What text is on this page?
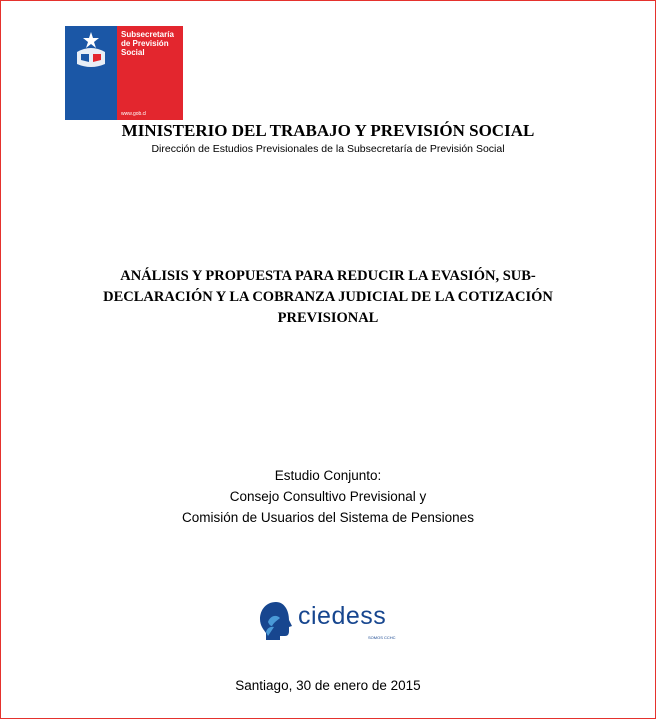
Subsecretaría
de Previsión
Social
www.gob.cl
MINISTERIO DEL TRABAJO Y PREVISIÓN SOCIAL
Dirección de Estudios Previsionales de la Subsecretaría de Previsión Social
ANÁLISIS Y PROPUESTA PARA REDUCIR LA EVASIÓN, SUB-
DECLARACIÓN Y LA COBRANZA JUDICIAL DE LA COTIZACIÓN
PREVISIONAL
Estudio Conjunto:
Consejo Consultivo Previsional y
Comisión de Usuarios del Sistema de Pensiones
ciedess
SOMOS CCHC
Santiago, 30 de enero de 2015
